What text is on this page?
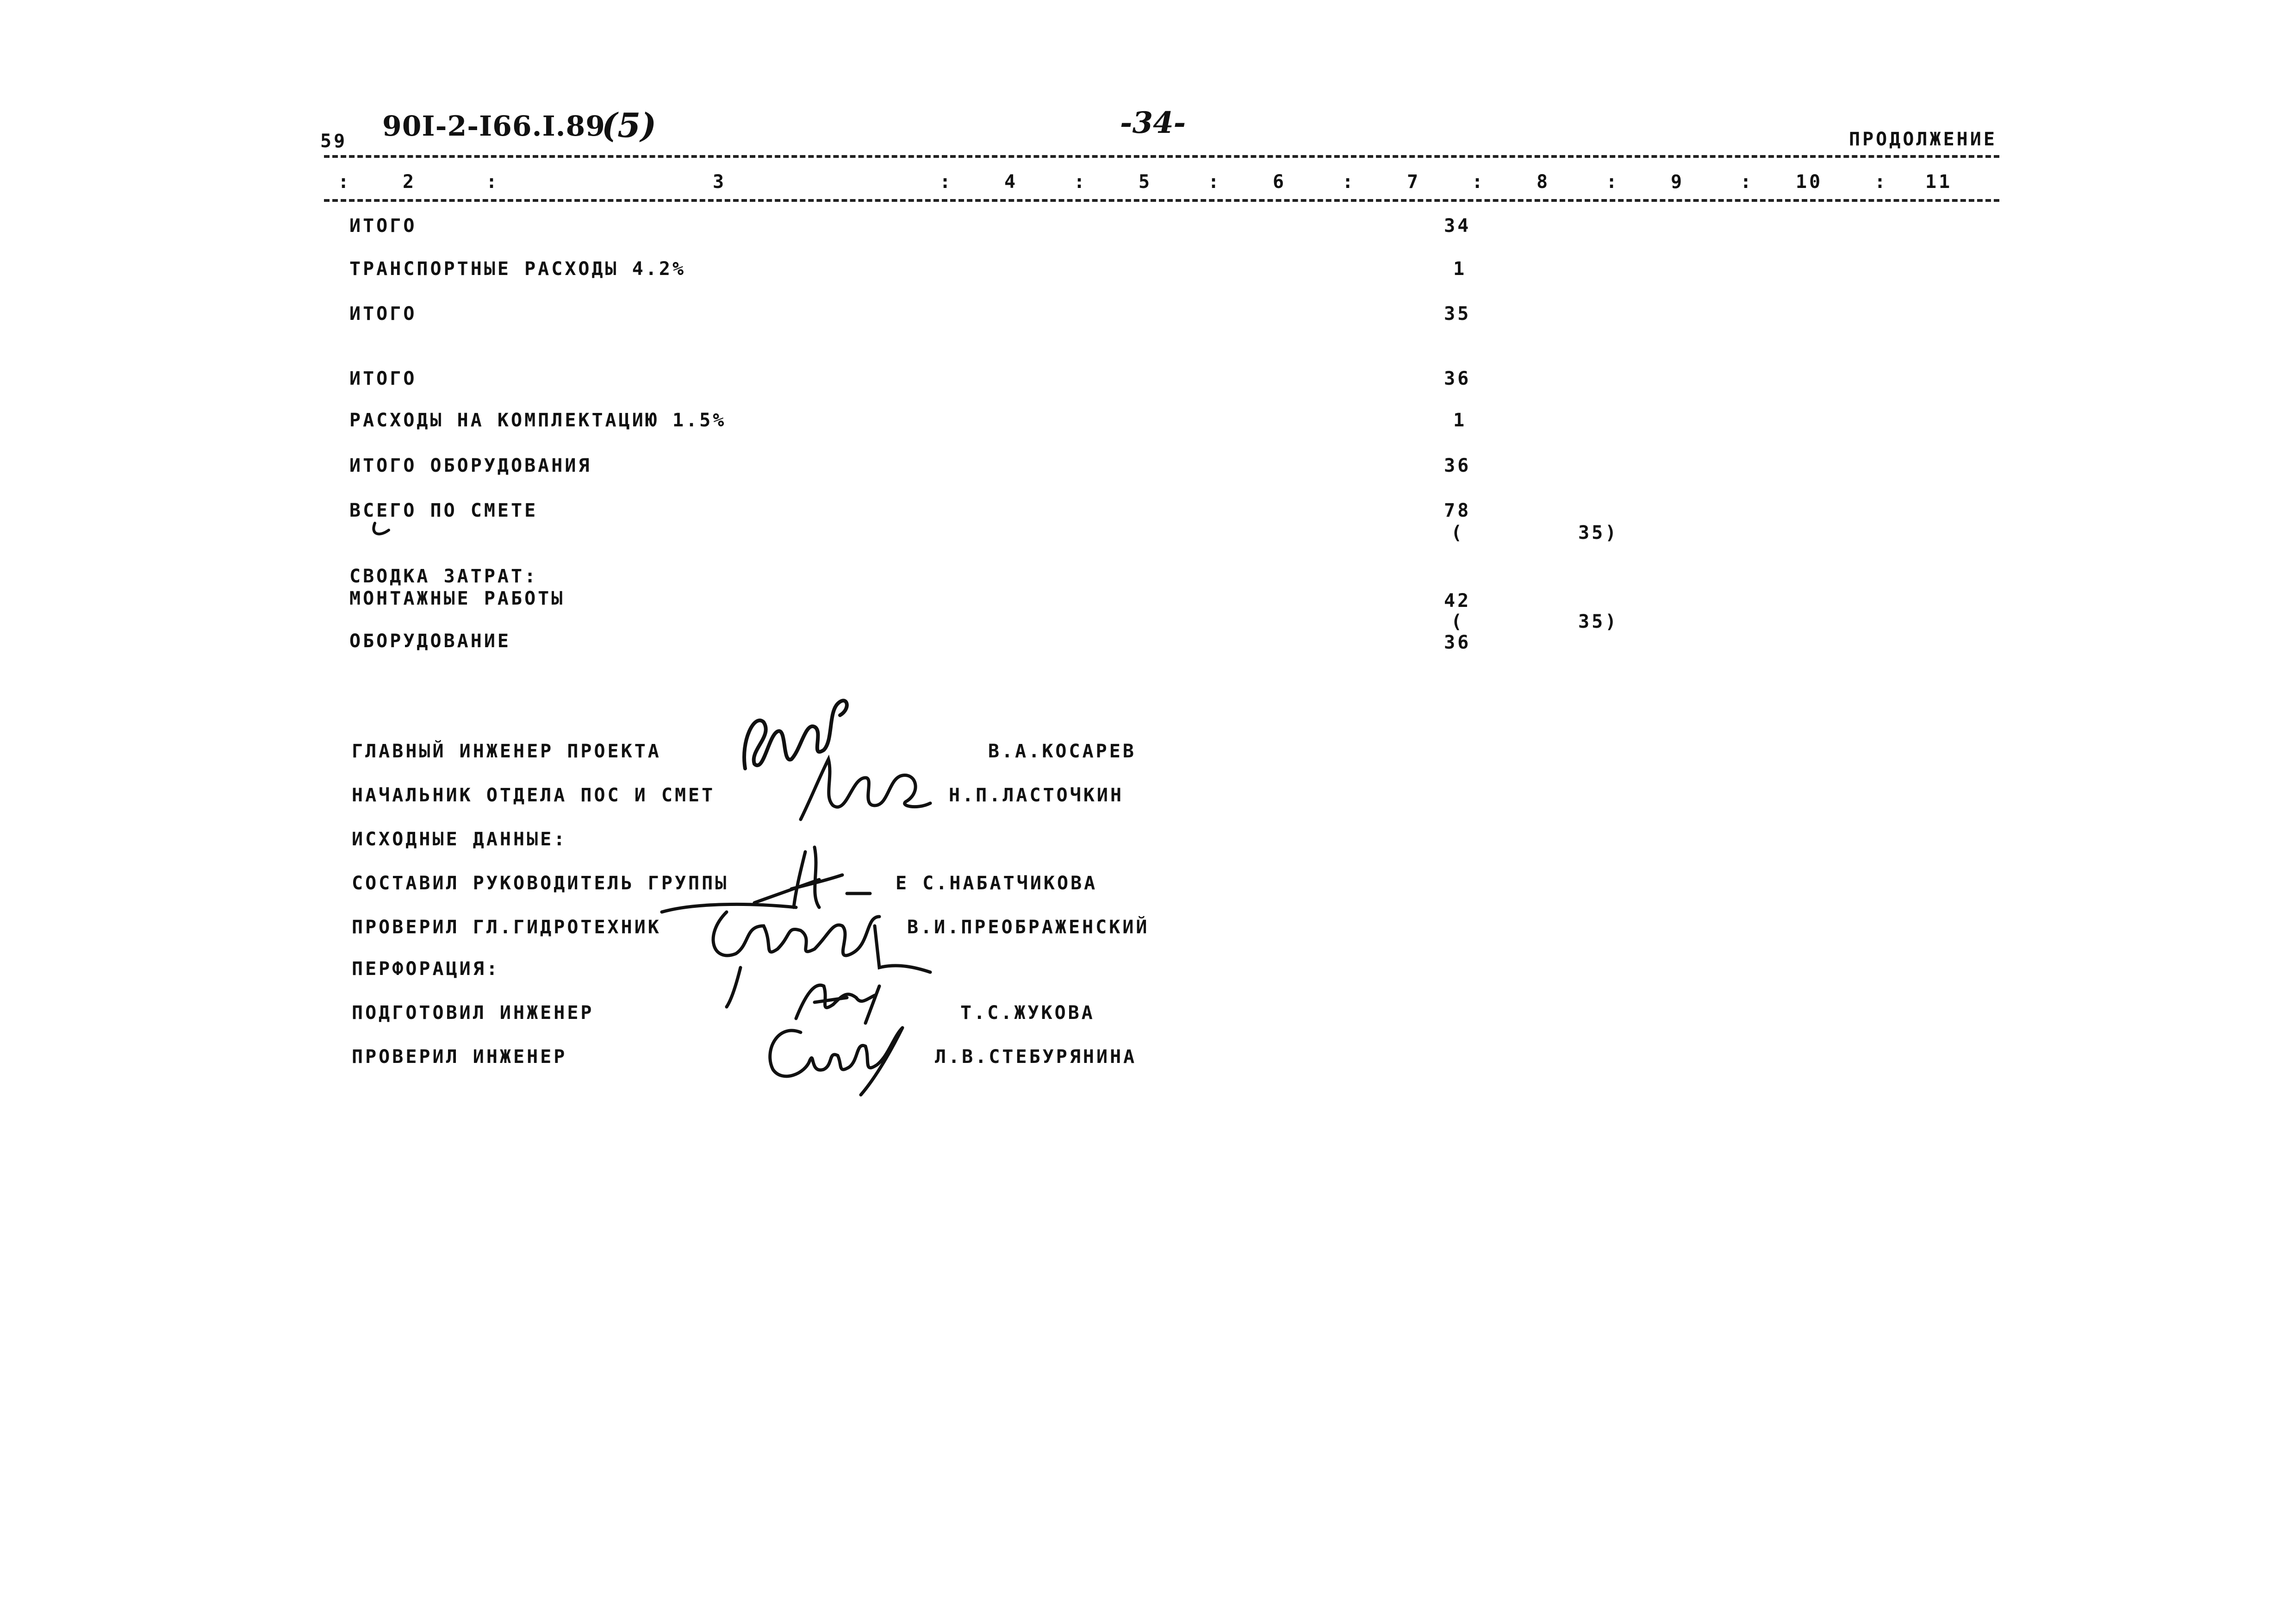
59 90I-2-I66.I.89
(5)	-34-	ПРОДОЛЖЕНИЕ
:	2	:	3	:	4	:	5	:	6	:	7	:	8	:	9	: 10	: 11
ИТОГО	34
ТРАНСПОРТНЫЕ РАСХОДЫ 4.2%	1
ИТОГО	35
ИТОГО	36
РАСХОДЫ НА КОМПЛЕКТАЦИЮ 1.5%	1
ИТОГО ОБОРУДОВАНИЯ	36
ВСЕГО ПО СМЕТЕ	78
(	35)
СВОДКА ЗАТРАТ:
МОНТАЖНЫЕ РАБОТЫ	42
(	35)
ОБОРУДОВАНИЕ	36
ГЛАВНЫЙ ИНЖЕНЕР ПРОЕКТА	В.А.КОСАРЕВ
НАЧАЛЬНИК ОТДЕЛА ПОС И СМЕТ	Н.П.ЛАСТОЧКИН
ИСХОДНЫЕ ДАННЫЕ:
СОСТАВИЛ РУКОВОДИТЕЛЬ ГРУППЫ	Е С.НАБАТЧИКОВА
ПРОВЕРИЛ ГЛ.ГИДРОТЕХНИК	В.И.ПРЕОБРАЖЕНСКИЙ
ПЕРФОРАЦИЯ:
ПОДГОТОВИЛ ИНЖЕНЕР	Т.С.ЖУКОВА
ПРОВЕРИЛ ИНЖЕНЕР	Л.В.СТЕБУРЯНИНА
